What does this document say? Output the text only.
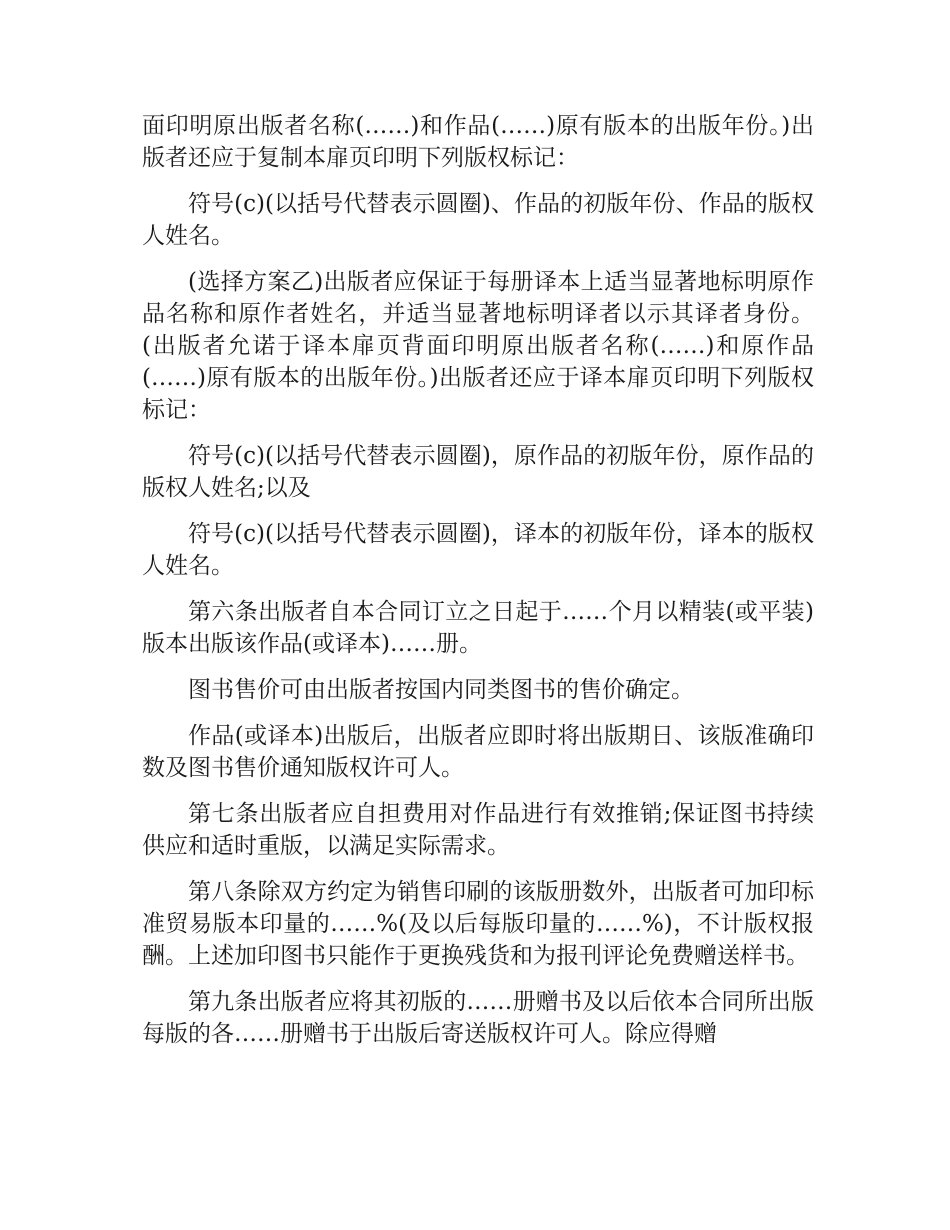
面印明原出版者名称(……)和作品(……)原有版本的出版年份。)出版者还应于复制本扉页印明下列版权标记：

符号(c)(以括号代替表示圆圈)、作品的初版年份、作品的版权人姓名。

(选择方案乙)出版者应保证于每册译本上适当显著地标明原作品名称和原作者姓名，并适当显著地标明译者以示其译者身份。(出版者允诺于译本扉页背面印明原出版者名称(……)和原作品(……)原有版本的出版年份。)出版者还应于译本扉页印明下列版权标记：

符号(c)(以括号代替表示圆圈)，原作品的初版年份，原作品的版权人姓名;以及

符号(c)(以括号代替表示圆圈)，译本的初版年份，译本的版权人姓名。

第六条出版者自本合同订立之日起于……个月以精装(或平装)版本出版该作品(或译本)……册。

图书售价可由出版者按国内同类图书的售价确定。

作品(或译本)出版后，出版者应即时将出版期日、该版准确印数及图书售价通知版权许可人。

第七条出版者应自担费用对作品进行有效推销;保证图书持续供应和适时重版，以满足实际需求。

第八条除双方约定为销售印刷的该版册数外，出版者可加印标准贸易版本印量的……%(及以后每版印量的……%)，不计版权报酬。上述加印图书只能作于更换残货和为报刊评论免费赠送样书。

第九条出版者应将其初版的……册赠书及以后依本合同所出版每版的各……册赠书于出版后寄送版权许可人。除应得赠
